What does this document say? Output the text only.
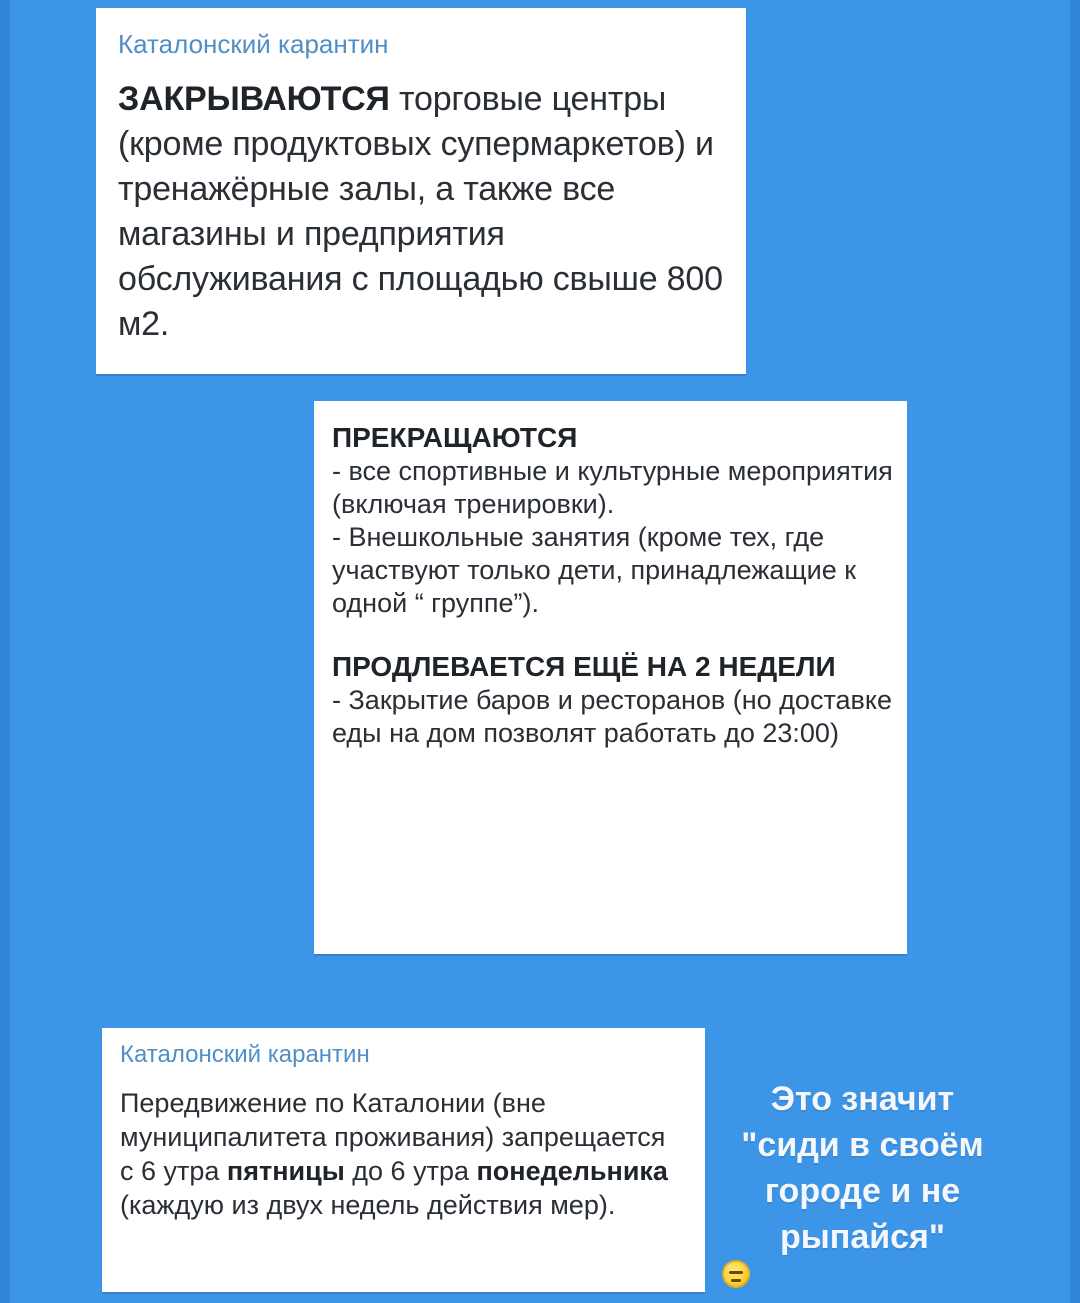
Каталонский карантин
ЗАКРЫВАЮТСЯ торговые центры (кроме продуктовых супермаркетов) и тренажёрные залы, а также все магазины и предприятия обслуживания с площадью свыше 800 м2.
ПРЕКРАЩАЮТСЯ
- все спортивные и культурные мероприятия (включая тренировки).
- Внешкольные занятия (кроме тех, где участвуют только дети, принадлежащие к одной “ группе”).
ПРОДЛЕВАЕТСЯ ЕЩЁ НА 2 НЕДЕЛИ
- Закрытие баров и ресторанов (но доставке еды на дом позволят работать до 23:00)
Каталонский карантин
Передвижение по Каталонии (вне муниципалитета проживания) запрещается с 6 утра пятницы до 6 утра понедельника (каждую из двух недель действия мер).
Это значит
"сиди в своём
городе и не
рыпайся"
